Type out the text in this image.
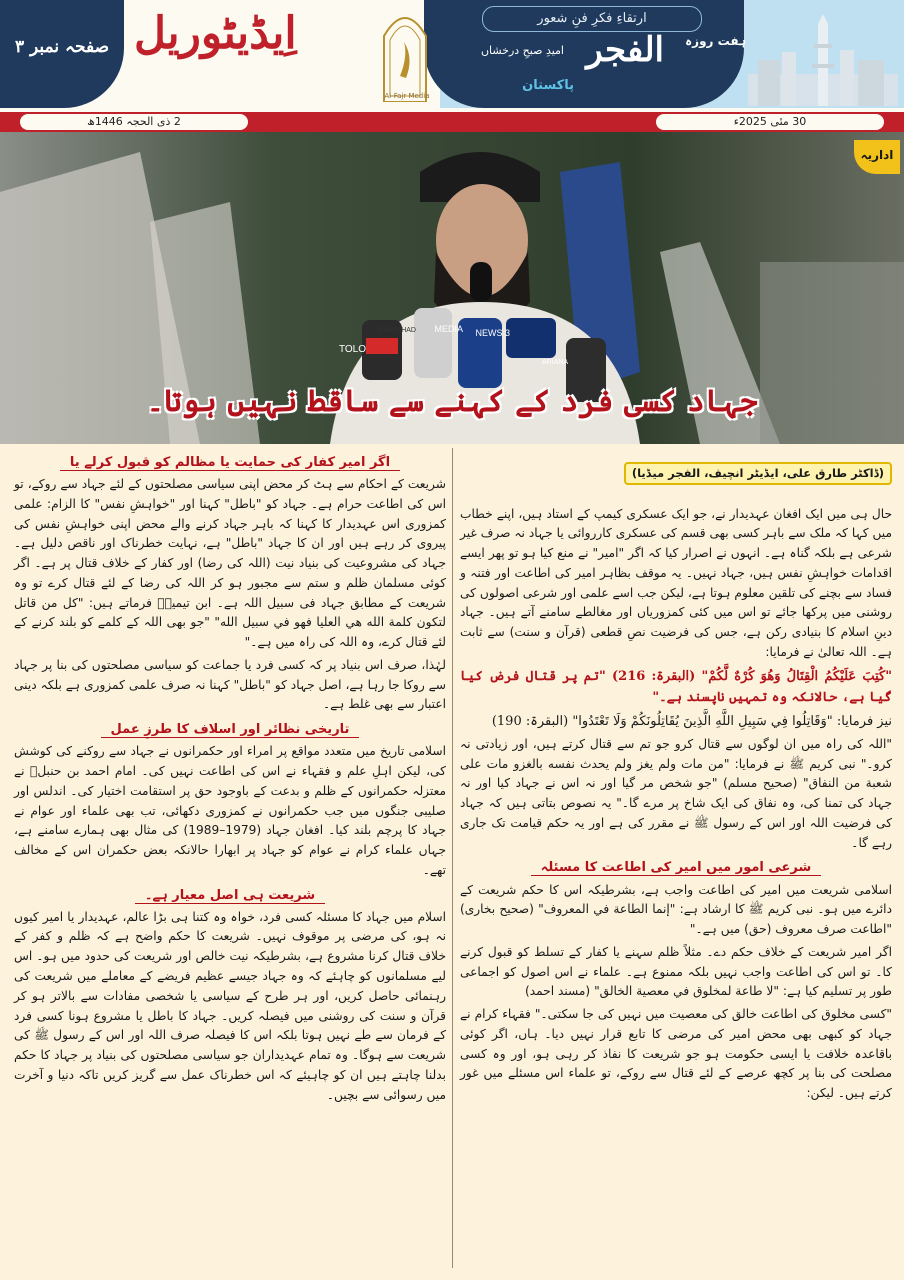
ارتقاءِ فکرِ فنِ شعور
ہفت روزہ
الفجر
امیدِ صبحِ درخشاں
پاکستان
صفحہ نمبر ۳ اِیڈیٹوریل
Al-Fajr Media
30 مئی 2025ء
2 ذی الحجہ 1446ھ
TOLO
SHAMSHAD MEDIA 3 NEWS
ARIANA
اداریہ
جہاد کسی فرد کے کہنے سے ساقط نہیں ہوتا۔
(ڈاکٹر طارق علی، ایڈیٹر انچیف، الفجر میڈیا)

حال ہی میں ایک افغان عہدیدار نے، جو ایک عسکری کیمپ کے استاد ہیں، اپنے خطاب میں کہا کہ ملک سے باہر کسی بھی قسم کی عسکری کارروائی یا جہاد نہ صرف غیر شرعی ہے بلکہ گناہ ہے۔ انہوں نے اصرار کیا کہ اگر "امیر" نے منع کیا ہو تو پھر ایسے اقدامات خواہشِ نفس ہیں، جہاد نہیں۔ یہ موقف بظاہر امیر کی اطاعت اور فتنہ و فساد سے بچنے کی تلقین معلوم ہوتا ہے، لیکن جب اسے علمی اور شرعی اصولوں کی روشنی میں پرکھا جائے تو اس میں کئی کمزوریاں اور مغالطے سامنے آتے ہیں۔ جہاد دینِ اسلام کا بنیادی رکن ہے، جس کی فرضیت نصِ قطعی (قرآن و سنت) سے ثابت ہے۔ اللہ تعالیٰ نے فرمایا:

"كُتِبَ عَلَيْكُمُ الْقِتَالُ وَهُوَ كُرْهٌ لَّكُمْ" (البقرۃ: 216) "تم پر قتال فرض کیا گیا ہے، حالانکہ وہ تمہیں ناپسند ہے۔"

نیز فرمایا: "وَقَاتِلُوا فِي سَبِيلِ اللَّهِ الَّذِينَ يُقَاتِلُونَكُمْ وَلَا تَعْتَدُوا" (البقرۃ: 190)

"اللہ کی راہ میں ان لوگوں سے قتال کرو جو تم سے قتال کرتے ہیں، اور زیادتی نہ کرو۔" نبی کریم ﷺ نے فرمایا: "من مات ولم يغز ولم يحدث نفسه بالغزو مات على شعبة من النفاق" (صحیح مسلم) "جو شخص مر گیا اور نہ اس نے جہاد کیا اور نہ جہاد کی تمنا کی، وہ نفاق کی ایک شاخ پر مرے گا۔" یہ نصوص بتاتی ہیں کہ جہاد کی فرضیت اللہ اور اس کے رسول ﷺ نے مقرر کی ہے اور یہ حکم قیامت تک جاری رہے گا۔

شرعی امور میں امیر کی اطاعت کا مسئلہ

اسلامی شریعت میں امیر کی اطاعت واجب ہے، بشرطیکہ اس کا حکم شریعت کے دائرے میں ہو۔ نبی کریم ﷺ کا ارشاد ہے: "إنما الطاعة في المعروف" (صحیح بخاری) "اطاعت صرف معروف (حق) میں ہے۔"

اگر امیر شریعت کے خلاف حکم دے۔ مثلاً ظلم سہنے یا کفار کے تسلط کو قبول کرنے کا۔ تو اس کی اطاعت واجب نہیں بلکہ ممنوع ہے۔ علماء نے اس اصول کو اجماعی طور پر تسلیم کیا ہے: "لا طاعة لمخلوق في معصية الخالق" (مسند احمد)

"کسی مخلوق کی اطاعت خالق کی معصیت میں نہیں کی جا سکتی۔" فقہاء کرام نے جہاد کو کبھی بھی محض امیر کی مرضی کا تابع قرار نہیں دیا۔ ہاں، اگر کوئی باقاعدہ خلافت یا ایسی حکومت ہو جو شریعت کا نفاذ کر رہی ہو، اور وہ کسی مصلحت کی بنا پر کچھ عرصے کے لئے قتال سے روکے، تو علماء اس مسئلے میں غور کرتے ہیں۔ لیکن:

اگر امیر کفار کی حمایت یا مظالم کو قبول کرلے یا

شریعت کے احکام سے ہٹ کر محض اپنی سیاسی مصلحتوں کے لئے جہاد سے روکے، تو اس کی اطاعت حرام ہے۔ جہاد کو "باطل" کہنا اور "خواہشِ نفس" کا الزام: علمی کمزوری اس عہدیدار کا کہنا کہ باہر جہاد کرنے والے محض اپنی خواہشِ نفس کی پیروی کر رہے ہیں اور ان کا جہاد "باطل" ہے، نہایت خطرناک اور ناقص دلیل ہے۔ جہاد کی مشروعیت کی بنیاد نیت (اللہ کی رضا) اور کفار کے خلاف قتال پر ہے۔ اگر کوئی مسلمان ظلم و ستم سے مجبور ہو کر اللہ کی رضا کے لئے قتال کرے تو وہ شریعت کے مطابق جہاد فی سبیل اللہ ہے۔ ابن تیمیہؒ فرماتے ہیں: "كل من قاتل لتكون كلمة الله هي العليا فهو في سبيل الله" "جو بھی اللہ کے کلمے کو بلند کرنے کے لئے قتال کرے، وہ اللہ کی راہ میں ہے۔"

لہٰذا، صرف اس بنیاد پر کہ کسی فرد یا جماعت کو سیاسی مصلحتوں کی بنا پر جہاد سے روکا جا رہا ہے، اصل جہاد کو "باطل" کہنا نہ صرف علمی کمزوری ہے بلکہ دینی اعتبار سے بھی غلط ہے۔

تاریخی نظائر اور اسلاف کا طرزِ عمل

اسلامی تاریخ میں متعدد مواقع پر امراء اور حکمرانوں نے جہاد سے روکنے کی کوشش کی، لیکن اہلِ علم و فقہاء نے اس کی اطاعت نہیں کی۔ امام احمد بن حنبلؒ نے معتزلہ حکمرانوں کے ظلم و بدعت کے باوجود حق پر استقامت اختیار کی۔ اندلس اور صلیبی جنگوں میں جب حکمرانوں نے کمزوری دکھائی، تب بھی علماء اور عوام نے جہاد کا پرچم بلند کیا۔ افغان جہاد (1979–1989) کی مثال بھی ہمارے سامنے ہے، جہاں علماء کرام نے عوام کو جہاد پر ابھارا حالانکہ بعض حکمران اس کے مخالف تھے۔

شریعت ہی اصل معیار ہے۔

اسلام میں جہاد کا مسئلہ کسی فرد، خواہ وہ کتنا ہی بڑا عالم، عہدیدار یا امیر کیوں نہ ہو، کی مرضی پر موقوف نہیں۔ شریعت کا حکم واضح ہے کہ ظلم و کفر کے خلاف قتال کرنا مشروع ہے، بشرطیکہ نیت خالص اور شریعت کی حدود میں ہو۔ اس لیے مسلمانوں کو چاہئے کہ وہ جہاد جیسے عظیم فریضے کے معاملے میں شریعت کی رہنمائی حاصل کریں، اور ہر طرح کے سیاسی یا شخصی مفادات سے بالاتر ہو کر قرآن و سنت کی روشنی میں فیصلہ کریں۔ جہاد کا باطل یا مشروع ہونا کسی فرد کے فرمان سے طے نہیں ہوتا بلکہ اس کا فیصلہ صرف اللہ اور اس کے رسول ﷺ کی شریعت سے ہوگا۔ وہ تمام عہدیداران جو سیاسی مصلحتوں کی بنیاد پر جہاد کا حکم بدلنا چاہتے ہیں ان کو چاہیئے کہ اس خطرناک عمل سے گریز کریں تاکہ دنیا و آخرت میں رسوائی سے بچیں۔
